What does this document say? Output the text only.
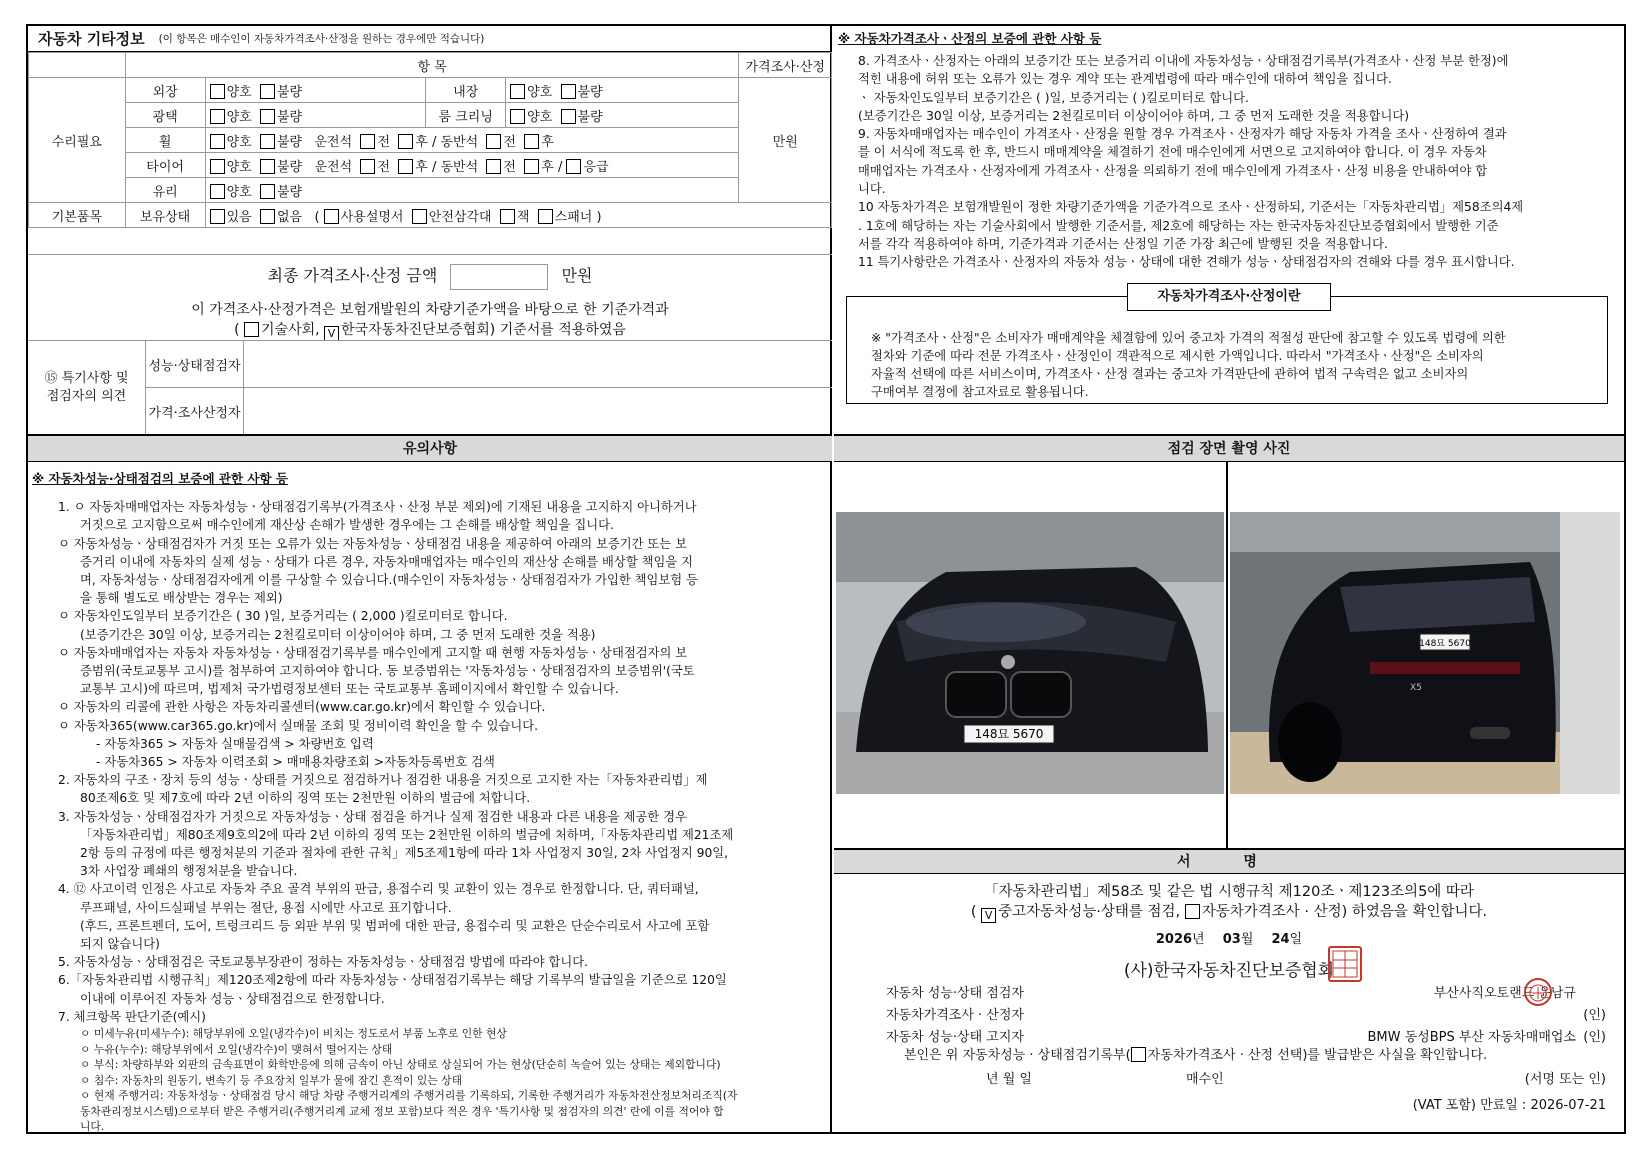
자동차 기타정보 (이 항목은 매수인이 자동차가격조사·산정을 원하는 경우에만 적습니다)
	항 목				가격조사·산정
수리필요	외장	양호 불량	내장	양호 불량	만원
	광택	양호 불량	룸 크리닝	양호 불량	
	휠	양호 불량 운전석 전 후 / 동반석 전 후			
	타이어	양호 불량 운전석 전 후 / 동반석 전 후 / 응급			
	유리	양호 불량			
기본품목	보유상태	있음 없음 ( 사용설명서 안전삼각대 잭 스패너 )			
최종 가격조사·산정 금액	만원
이 가격조사·산정가격은 보험개발원의 차량기준가액을 바탕으로 한 기준가격과
( 기술사회, V 한국자동차진단보증협회) 기준서를 적용하였음
⑮ 특기사항 및
점검자의 의견
성능·상태점검자
가격·조사산정자
유의사항
※ 자동차성능·상태점검의 보증에 관한 사항 등
1. ㅇ 자동차매매업자는 자동차성능ㆍ상태점검기록부(가격조사ㆍ산정 부분 제외)에 기재된 내용을 고지하지 아니하거나
거짓으로 고지함으로써 매수인에게 재산상 손해가 발생한 경우에는 그 손해를 배상할 책임을 집니다.
ㅇ 자동차성능ㆍ상태점검자가 거짓 또는 오류가 있는 자동차성능ㆍ상태점검 내용을 제공하여 아래의 보증기간 또는 보
증거리 이내에 자동차의 실제 성능ㆍ상태가 다른 경우, 자동차매매업자는 매수인의 재산상 손해를 배상할 책임을 지
며, 자동차성능ㆍ상태점검자에게 이를 구상할 수 있습니다.(매수인이 자동차성능ㆍ상태점검자가 가입한 책임보험 등
을 통해 별도로 배상받는 경우는 제외)
ㅇ 자동차인도일부터 보증기간은 ( 30 )일, 보증거리는 ( 2,000 )킬로미터로 합니다.
(보증기간은 30일 이상, 보증거리는 2천킬로미터 이상이어야 하며, 그 중 먼저 도래한 것을 적용)
ㅇ 자동차매매업자는 자동차 자동차성능ㆍ상태점검기록부를 매수인에게 고지할 때 현행 자동차성능ㆍ상태점검자의 보
증범위(국토교통부 고시)를 첨부하여 고지하여야 합니다. 동 보증범위는 '자동차성능ㆍ상태점검자의 보증범위'(국토
교통부 고시)에 따르며, 법제처 국가법령정보센터 또는 국토교통부 홈페이지에서 확인할 수 있습니다.
ㅇ 자동차의 리콜에 관한 사항은 자동차리콜센터(www.car.go.kr)에서 확인할 수 있습니다.
ㅇ 자동차365(www.car365.go.kr)에서 실매물 조회 및 정비이력 확인을 할 수 있습니다.
- 자동차365 > 자동차 실매물검색 > 차량번호 입력
- 자동차365 > 자동차 이력조회 > 매매용차량조회 >자동차등록번호 검색
2. 자동차의 구조ㆍ장치 등의 성능ㆍ상태를 거짓으로 점검하거나 점검한 내용을 거짓으로 고지한 자는「자동차관리법」제
80조제6호 및 제7호에 따라 2년 이하의 징역 또는 2천만원 이하의 벌금에 처합니다.
3. 자동차성능ㆍ상태점검자가 거짓으로 자동차성능ㆍ상태 점검을 하거나 실제 점검한 내용과 다른 내용을 제공한 경우
「자동차관리법」제80조제9호의2에 따라 2년 이하의 징역 또는 2천만원 이하의 벌금에 처하며,「자동차관리법 제21조제
2항 등의 규정에 따른 행정처분의 기준과 절차에 관한 규칙」제5조제1항에 따라 1차 사업정지 30일, 2차 사업정지 90일,
3차 사업장 폐쇄의 행정처분을 받습니다.
4. ⑫ 사고이력 인정은 사고로 자동차 주요 골격 부위의 판금, 용접수리 및 교환이 있는 경우로 한정합니다. 단, 쿼터패널,
루프패널, 사이드실패널 부위는 절단, 용접 시에만 사고로 표기합니다.
(후드, 프론트펜더, 도어, 트렁크리드 등 외판 부위 및 범퍼에 대한 판금, 용접수리 및 교환은 단순수리로서 사고에 포함
되지 않습니다)
5. 자동차성능ㆍ상태점검은 국토교통부장관이 정하는 자동차성능ㆍ상태점검 방법에 따라야 합니다.
6.「자동차관리법 시행규칙」제120조제2항에 따라 자동차성능ㆍ상태점검기록부는 해당 기록부의 발급일을 기준으로 120일
이내에 이루어진 자동차 성능ㆍ상태점검으로 한정합니다.
7. 체크항목 판단기준(예시)
ㅇ 미세누유(미세누수): 해당부위에 오일(냉각수)이 비치는 정도로서 부품 노후로 인한 현상
ㅇ 누유(누수): 해당부위에서 오일(냉각수)이 맺혀서 떨어지는 상태
ㅇ 부식: 차량하부와 외판의 금속표면이 화학반응에 의해 금속이 아닌 상태로 상실되어 가는 현상(단순히 녹슬어 있는 상태는 제외합니다)
ㅇ 침수: 자동차의 원동기, 변속기 등 주요장치 일부가 물에 잠긴 흔적이 있는 상태
ㅇ 현재 주행거리: 자동차성능ㆍ상태점검 당시 해당 차량 주행거리계의 주행거리를 기록하되, 기록한 주행거리가 자동차전산정보처리조직(자
동차관리정보시스템)으로부터 받은 주행거리(주행거리계 교체 정보 포함)보다 적은 경우 '특기사항 및 점검자의 의견' 란에 이를 적어야 합
니다.
※ 자동차가격조사ㆍ산정의 보증에 관한 사항 등
8. 가격조사ㆍ산정자는 아래의 보증기간 또는 보증거리 이내에 자동차성능ㆍ상태점검기록부(가격조사ㆍ산정 부분 한정)에
적힌 내용에 허위 또는 오류가 있는 경우 계약 또는 관계법령에 따라 매수인에 대하여 책임을 집니다.
ㆍ 자동차인도일부터 보증기간은 ( )일, 보증거리는 ( )킬로미터로 합니다.
(보증기간은 30일 이상, 보증거리는 2천킬로미터 이상이어야 하며, 그 중 먼저 도래한 것을 적용합니다)
9. 자동차매매업자는 매수인이 가격조사ㆍ산정을 원할 경우 가격조사ㆍ산정자가 해당 자동차 가격을 조사ㆍ산정하여 결과
를 이 서식에 적도록 한 후, 반드시 매매계약을 체결하기 전에 매수인에게 서면으로 고지하여야 합니다. 이 경우 자동차
매매업자는 가격조사ㆍ산정자에게 가격조사ㆍ산정을 의뢰하기 전에 매수인에게 가격조사ㆍ산정 비용을 안내하여야 합
니다.
10 자동차가격은 보험개발원이 정한 차량기준가액을 기준가격으로 조사ㆍ산정하되, 기준서는「자동차관리법」제58조의4제
. 1호에 해당하는 자는 기술사회에서 발행한 기준서를, 제2호에 해당하는 자는 한국자동차진단보증협회에서 발행한 기준
서를 각각 적용하여야 하며, 기준가격과 기준서는 산정일 기준 가장 최근에 발행된 것을 적용합니다.
11 특기사항란은 가격조사ㆍ산정자의 자동차 성능ㆍ상태에 대한 견해가 성능ㆍ상태점검자의 견해와 다를 경우 표시합니다.
자동차가격조사·산정이란
※ "가격조사ㆍ산정"은 소비자가 매매계약을 체결함에 있어 중고차 가격의 적절성 판단에 참고할 수 있도록 법령에 의한
절차와 기준에 따라 전문 가격조사ㆍ산정인이 객관적으로 제시한 가액입니다. 따라서 "가격조사ㆍ산정"은 소비자의
자율적 선택에 따른 서비스이며, 가격조사ㆍ산정 결과는 중고차 가격판단에 관하여 법적 구속력은 없고 소비자의
구매여부 결정에 참고자료로 활용됩니다.
점검 장면 촬영 사진
148묘 5670
148묘 5670
X5
서 명
「자동차관리법」제58조 및 같은 법 시행규칙 제120조ㆍ제123조의5에 따라
( V 중고자동차성능·상태를 점검, 자동차가격조사 · 산정) 하였음을 확인합니다.
2026년 03월 24일
(사)한국자동차진단보증협회
자동차 성능·상태 점검자	부산사직오토랜드 윤남규
자동차가격조사 · 산정자	(인)
자동차 성능·상태 고지자	BMW 동성BPS 부산 자동차매매업소 (인)
본인은 위 자동차성능 · 상태점검기록부( 자동차가격조사 · 산정 선택)를 발급받은 사실을 확인합니다.
년 월 일	매수인	(서명 또는 인)
(VAT 포함) 만료일 : 2026-07-21
